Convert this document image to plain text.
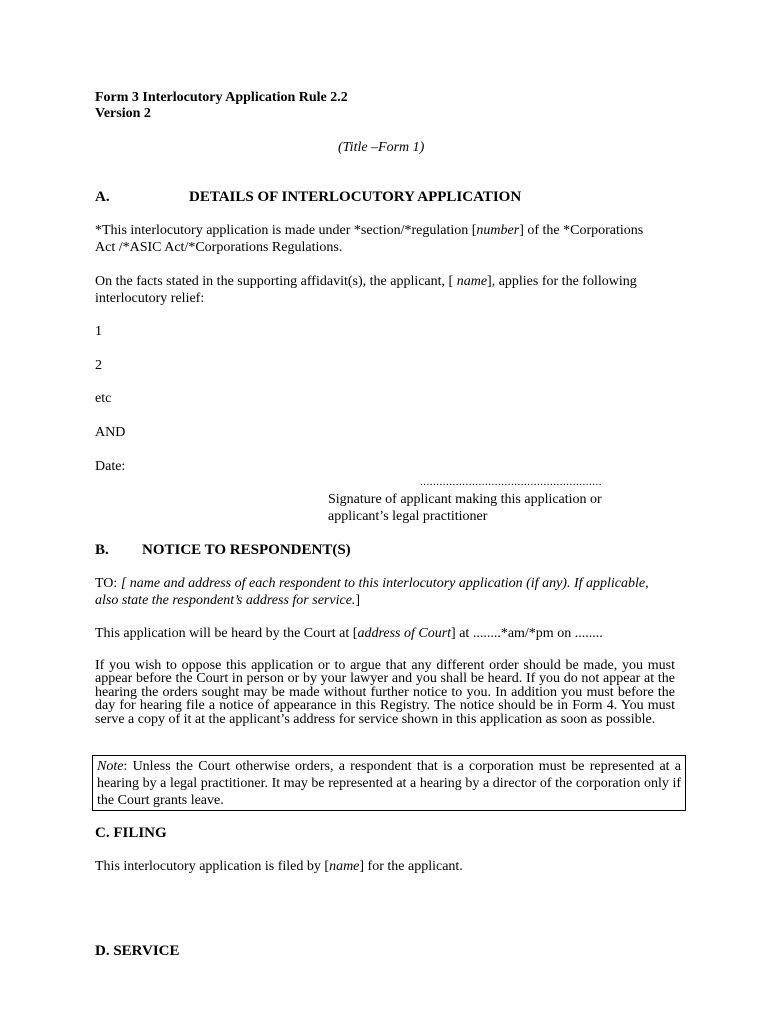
Form 3 Interlocutory Application Rule 2.2
Version 2
(Title –Form 1)
A.	DETAILS OF INTERLOCUTORY APPLICATION
*This interlocutory application is made under *section/*regulation [number] of the *Corporations Act /*ASIC Act/*Corporations Regulations.
On the facts stated in the supporting affidavit(s), the applicant, [ name], applies for the following interlocutory relief:
1
2
etc
AND
Date:
........................................................
Signature of applicant making this application or applicant’s legal practitioner
B. NOTICE TO RESPONDENT(S)
TO: [ name and address of each respondent to this interlocutory application (if any). If applicable, also state the respondent’s address for service.]
This application will be heard by the Court at [address of Court] at ........*am/*pm on ........
If you wish to oppose this application or to argue that any different order should be made, you must appear before the Court in person or by your lawyer and you shall be heard. If you do not appear at the hearing the orders sought may be made without further notice to you. In addition you must before the day for hearing file a notice of appearance in this Registry. The notice should be in Form 4. You must serve a copy of it at the applicant’s address for service shown in this application as soon as possible.
Note: Unless the Court otherwise orders, a respondent that is a corporation must be represented at a hearing by a legal practitioner. It may be represented at a hearing by a director of the corporation only if the Court grants leave.
C. FILING
This interlocutory application is filed by [name] for the applicant.
D. SERVICE
